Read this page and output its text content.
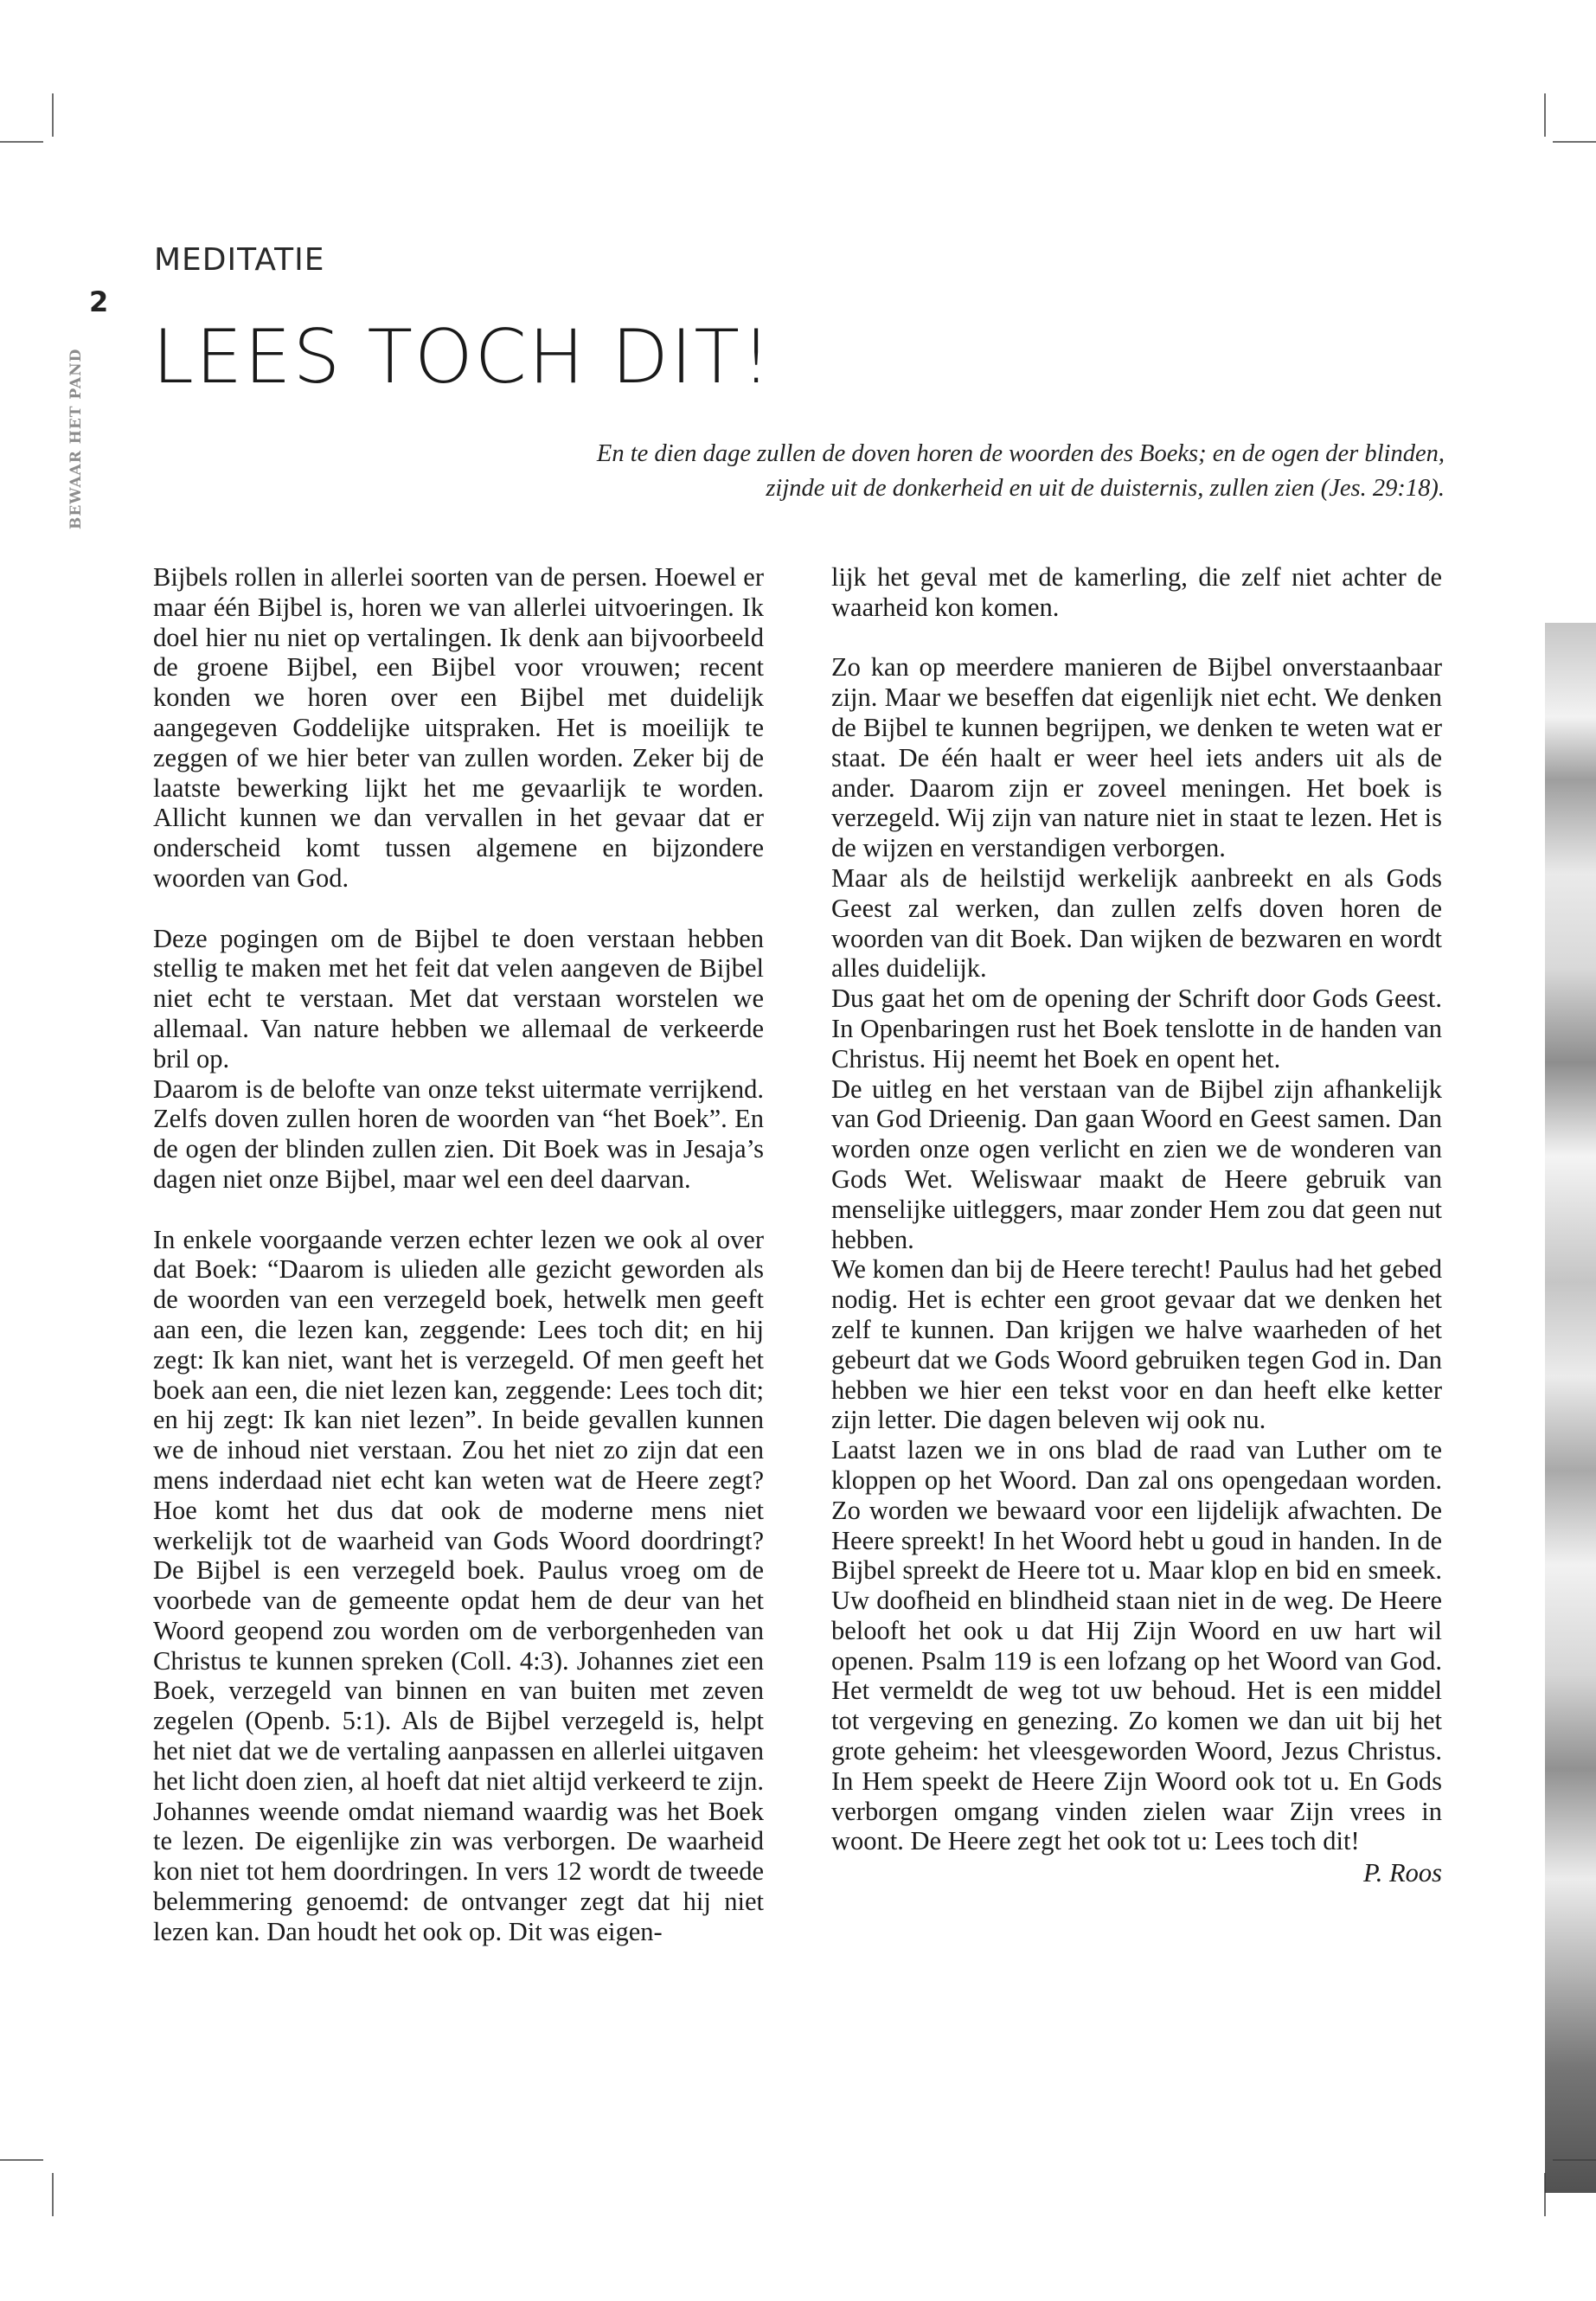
2
BEWAAR HET PAND
MEDITATIE
LEES TOCH DIT!
En te dien dage zullen de doven horen de woorden des Boeks; en de ogen der blinden,
zijnde uit de donkerheid en uit de duisternis, zullen zien (Jes. 29:18).

Bijbels rollen in allerlei soorten van de persen. Hoewel er maar één Bijbel is, horen we van allerlei uitvoeringen. Ik doel hier nu niet op vertalingen. Ik denk aan bijvoorbeeld de groene Bijbel, een Bijbel voor vrouwen; recent konden we horen over een Bijbel met duidelijk aangegeven Goddelijke uitspraken. Het is moeilijk te zeggen of we hier beter van zullen worden. Zeker bij de laatste bewerking lijkt het me gevaarlijk te worden. Allicht kunnen we dan vervallen in het gevaar dat er onderscheid komt tussen algemene en bijzondere woorden van God.

Deze pogingen om de Bijbel te doen verstaan hebben stellig te maken met het feit dat velen aangeven de Bijbel niet echt te verstaan. Met dat verstaan worstelen we allemaal. Van nature hebben we allemaal de verkeerde bril op.

Daarom is de belofte van onze tekst uitermate verrijkend. Zelfs doven zullen horen de woorden van “het Boek”. En de ogen der blinden zullen zien. Dit Boek was in Jesaja’s dagen niet onze Bijbel, maar wel een deel daarvan.

In enkele voorgaande verzen echter lezen we ook al over dat Boek: “Daarom is ulieden alle gezicht geworden als de woorden van een verzegeld boek, hetwelk men geeft aan een, die lezen kan, zeggende: Lees toch dit; en hij zegt: Ik kan niet, want het is verzegeld. Of men geeft het boek aan een, die niet lezen kan, zeggende: Lees toch dit; en hij zegt: Ik kan niet lezen”. In beide gevallen kunnen we de inhoud niet verstaan. Zou het niet zo zijn dat een mens inderdaad niet echt kan weten wat de Heere zegt? Hoe komt het dus dat ook de moderne mens niet werkelijk tot de waarheid van Gods Woord doordringt? De Bijbel is een verzegeld boek. Paulus vroeg om de voorbede van de gemeente opdat hem de deur van het Woord geopend zou worden om de verborgenheden van Christus te kunnen spreken (Coll. 4:3). Johannes ziet een Boek, verzegeld van binnen en van buiten met zeven zegelen (Openb. 5:1). Als de Bijbel verzegeld is, helpt het niet dat we de vertaling aanpassen en allerlei uitgaven het licht doen zien, al hoeft dat niet altijd verkeerd te zijn. Johannes weende omdat niemand waardig was het Boek te lezen. De eigenlijke zin was verborgen. De waarheid kon niet tot hem doordringen. In vers 12 wordt de tweede belemmering genoemd: de ontvanger zegt dat hij niet lezen kan. Dan houdt het ook op. Dit was eigen-

lijk het geval met de kamerling, die zelf niet achter de waarheid kon komen.

Zo kan op meerdere manieren de Bijbel onverstaanbaar zijn. Maar we beseffen dat eigenlijk niet echt. We denken de Bijbel te kunnen begrijpen, we denken te weten wat er staat. De één haalt er weer heel iets anders uit als de ander. Daarom zijn er zoveel meningen. Het boek is verzegeld. Wij zijn van nature niet in staat te lezen. Het is de wijzen en verstandigen verborgen.

Maar als de heilstijd werkelijk aanbreekt en als Gods Geest zal werken, dan zullen zelfs doven horen de woorden van dit Boek. Dan wijken de bezwaren en wordt alles duidelijk.

Dus gaat het om de opening der Schrift door Gods Geest. In Openbaringen rust het Boek tenslotte in de handen van Christus. Hij neemt het Boek en opent het.

De uitleg en het verstaan van de Bijbel zijn afhankelijk van God Drieenig. Dan gaan Woord en Geest samen. Dan worden onze ogen verlicht en zien we de wonderen van Gods Wet. Weliswaar maakt de Heere gebruik van menselijke uitleggers, maar zonder Hem zou dat geen nut hebben.

We komen dan bij de Heere terecht! Paulus had het gebed nodig. Het is echter een groot gevaar dat we denken het zelf te kunnen. Dan krijgen we halve waarheden of het gebeurt dat we Gods Woord gebruiken tegen God in. Dan hebben we hier een tekst voor en dan heeft elke ketter zijn letter. Die dagen beleven wij ook nu.

Laatst lazen we in ons blad de raad van Luther om te kloppen op het Woord. Dan zal ons opengedaan worden. Zo worden we bewaard voor een lijdelijk afwachten. De Heere spreekt! In het Woord hebt u goud in handen. In de Bijbel spreekt de Heere tot u. Maar klop en bid en smeek. Uw doofheid en blindheid staan niet in de weg. De Heere belooft het ook u dat Hij Zijn Woord en uw hart wil openen. Psalm 119 is een lofzang op het Woord van God. Het vermeldt de weg tot uw behoud. Het is een middel tot vergeving en genezing. Zo komen we dan uit bij het grote geheim: het vleesgeworden Woord, Jezus Christus. In Hem speekt de Heere Zijn Woord ook tot u. En Gods verborgen omgang vinden zielen waar Zijn vrees in woont. De Heere zegt het ook tot u: Lees toch dit!

P. Roos
